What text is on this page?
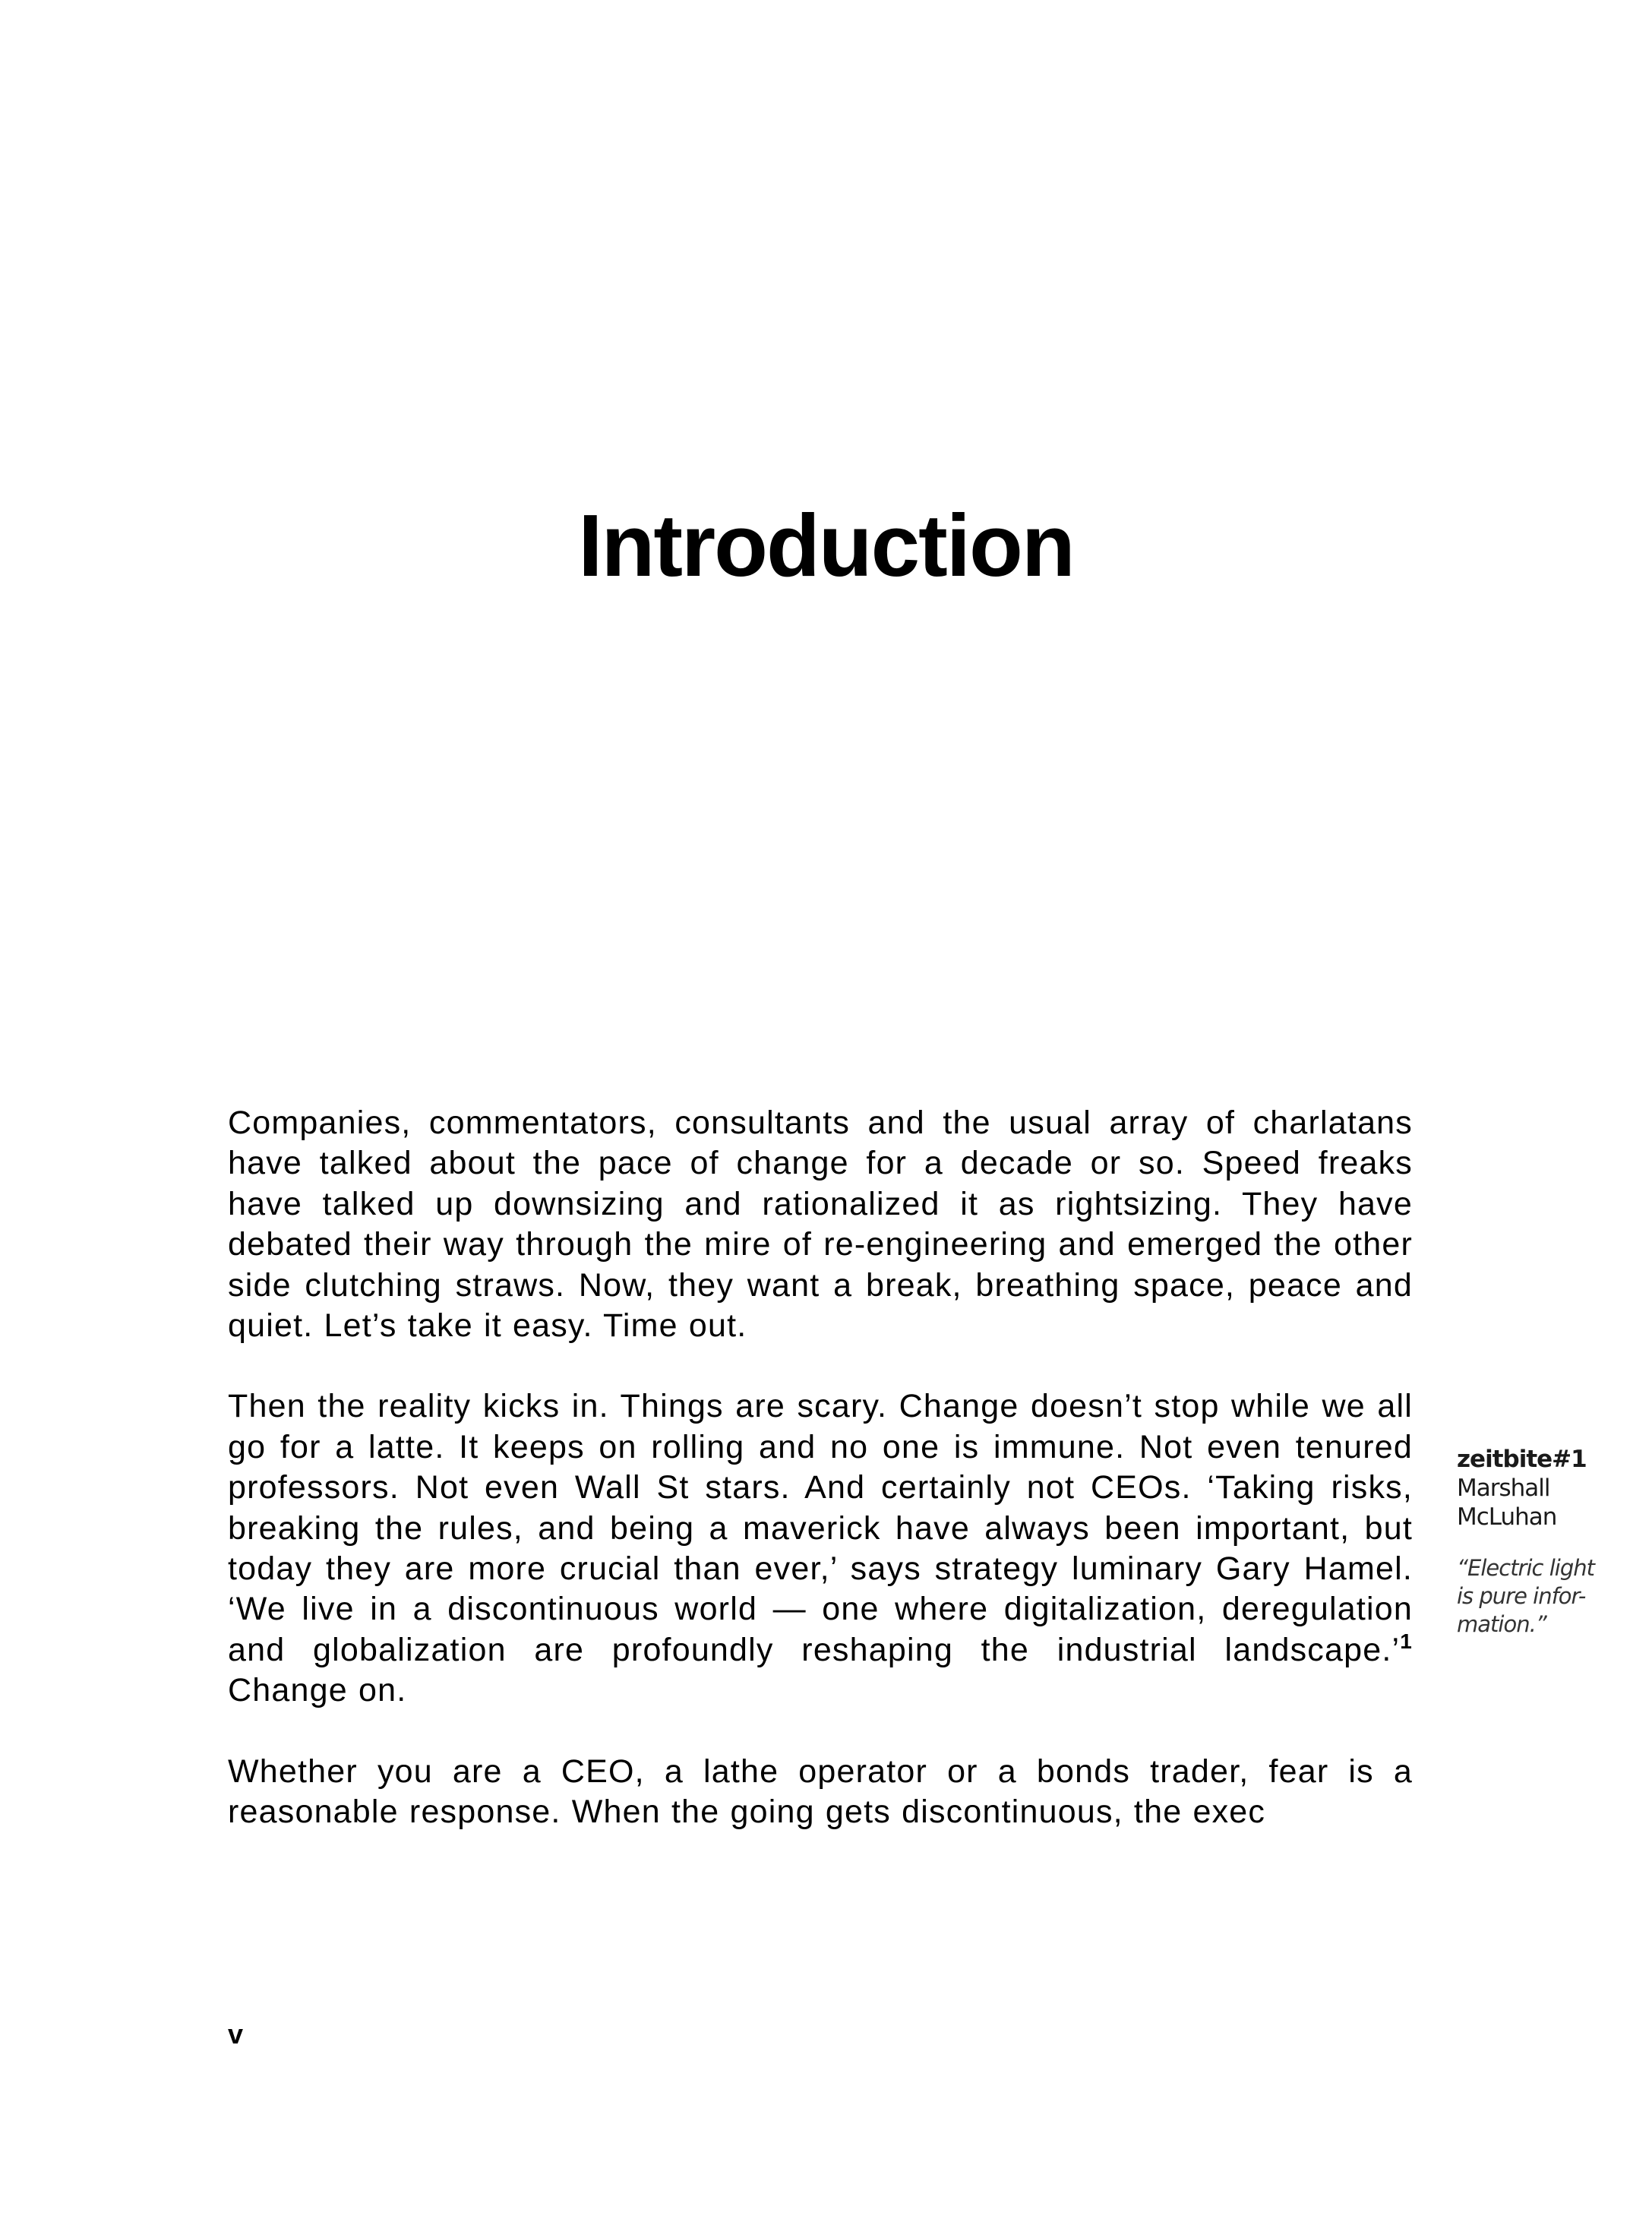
Introduction

Companies, commentators, consultants and the usual array of charlatans have talked about the pace of change for a decade or so. Speed freaks have talked up downsizing and rationalized it as rightsizing. They have debated their way through the mire of re-engineering and emerged the other side clutching straws. Now, they want a break, breathing space, peace and quiet. Let’s take it easy. Time out.

Then the reality kicks in. Things are scary. Change doesn’t stop while we all go for a latte. It keeps on rolling and no one is immune. Not even tenured professors. Not even Wall St stars. And certainly not CEOs. ‘Taking risks, breaking the rules, and being a maverick have always been important, but today they are more crucial than ever,’ says strategy luminary Gary Hamel. ‘We live in a discontinuous world — one where digitalization, deregulation and globalization are profoundly reshaping the industrial landscape.’$^1$ Change on.

Whether you are a CEO, a lathe operator or a bonds trader, fear is a reasonable response. When the going gets discontinuous, the exec

zeitbite#1
Marshall
McLuhan
“Electric light
is pure infor-
mation.”
v
